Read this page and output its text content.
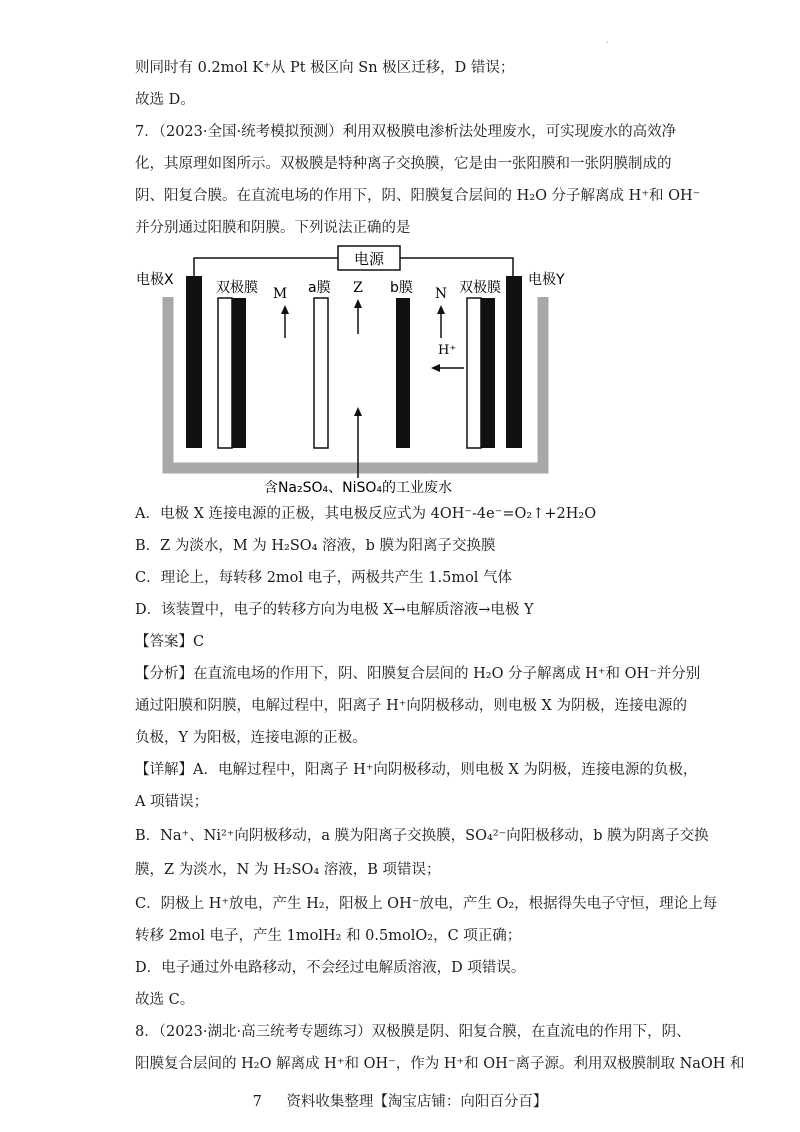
·
则同时有 0.2mol K⁺从 Pt 极区向 Sn 极区迁移，D 错误；
故选 D。
7．（2023·全国·统考模拟预测）利用双极膜电渗析法处理废水，可实现废水的高效净
化，其原理如图所示。双极膜是特种离子交换膜，它是由一张阳膜和一张阴膜制成的
阴、阳复合膜。在直流电场的作用下，阴、阳膜复合层间的 H₂O 分子解离成 H⁺和 OH⁻
并分别通过阳膜和阴膜。下列说法正确的是
电源
电极X	电极Y
双极膜	a膜	b膜	双极膜
M	Z	N
H⁺
含Na₂SO₄、NiSO₄的工业废水
A．电极 X 连接电源的正极，其电极反应式为 4OH⁻-4e⁻=O₂↑+2H₂O
B．Z 为淡水，M 为 H₂SO₄ 溶液，b 膜为阳离子交换膜
C．理论上，每转移 2mol 电子，两极共产生 1.5mol 气体
D．该装置中，电子的转移方向为电极 X→电解质溶液→电极 Y
【答案】C
【分析】在直流电场的作用下，阴、阳膜复合层间的 H₂O 分子解离成 H⁺和 OH⁻并分别
通过阳膜和阴膜，电解过程中，阳离子 H⁺向阴极移动，则电极 X 为阴极，连接电源的
负极，Y 为阳极，连接电源的正极。
【详解】A．电解过程中，阳离子 H⁺向阴极移动，则电极 X 为阴极，连接电源的负极，
A 项错误；
B．Na⁺、Ni²⁺向阴极移动，a 膜为阳离子交换膜，SO₄²⁻向阳极移动，b 膜为阴离子交换
膜，Z 为淡水，N 为 H₂SO₄ 溶液，B 项错误；
C．阴极上 H⁺放电，产生 H₂，阳极上 OH⁻放电，产生 O₂，根据得失电子守恒，理论上每
转移 2mol 电子，产生 1molH₂ 和 0.5molO₂，C 项正确；
D．电子通过外电路移动，不会经过电解质溶液，D 项错误。
故选 C。
8．（2023·湖北·高三统考专题练习）双极膜是阴、阳复合膜，在直流电的作用下，阴、
阳膜复合层间的 H₂O 解离成 H⁺和 OH⁻，作为 H⁺和 OH⁻离子源。利用双极膜制取 NaOH 和
7 资料收集整理【淘宝店铺：向阳百分百】
